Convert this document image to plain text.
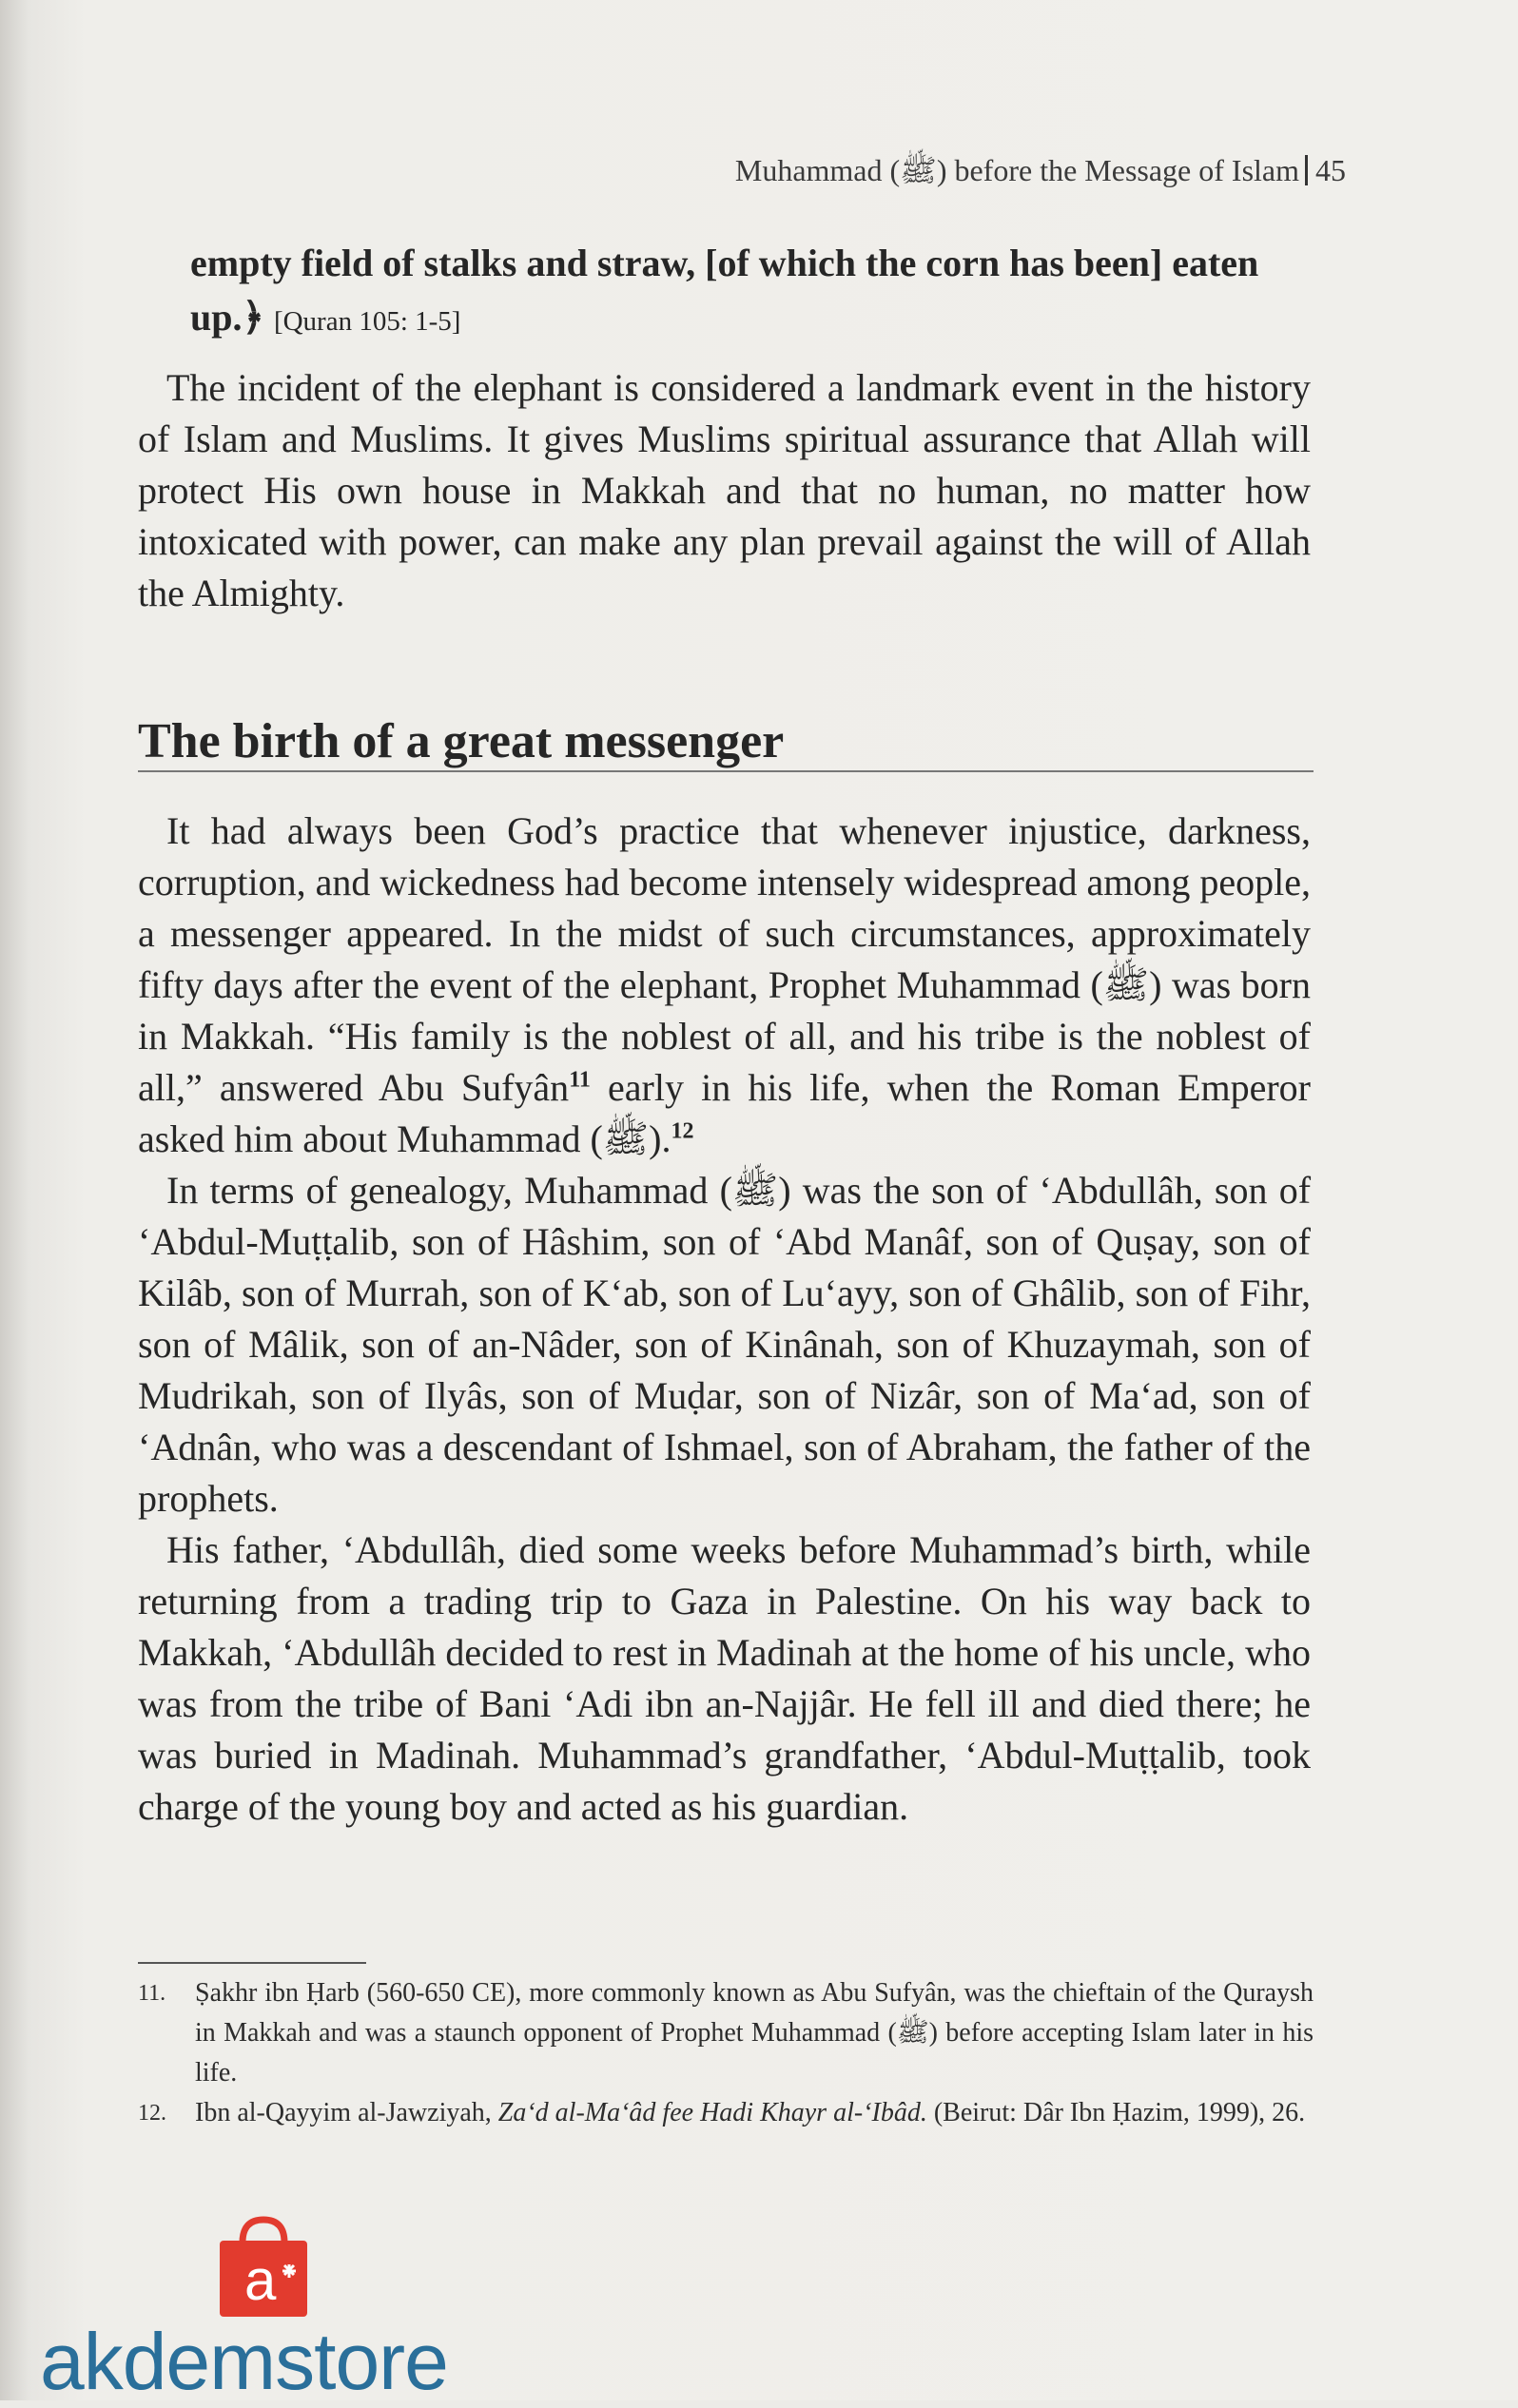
Muhammad (ﷺ) before the Message of Islam 45
empty field of stalks and straw, [of which the corn has been] eaten up.﴿ [Quran 105: 1-5]

The incident of the elephant is considered a landmark event in the history of Islam and Muslims. It gives Muslims spiritual assurance that Allah will protect His own house in Makkah and that no human, no matter how intoxicated with power, can make any plan prevail against the will of Allah the Almighty.

The birth of a great messenger

It had always been God’s practice that whenever injustice, darkness, corruption, and wickedness had become intensely widespread among people, a messenger appeared. In the midst of such circumstances, approximately fifty days after the event of the elephant, Prophet Muhammad (ﷺ) was born in Makkah. “His family is the noblest of all, and his tribe is the noblest of all,” answered Abu Sufyân$^{11}$ early in his life, when the Roman Emperor asked him about Muhammad (ﷺ).$^{12}$

In terms of genealogy, Muhammad (ﷺ) was the son of ‘Abdullâh, son of ‘Abdul-Muṭṭalib, son of Hâshim, son of ‘Abd Manâf, son of Quṣay, son of Kilâb, son of Murrah, son of K‘ab, son of Lu‘ayy, son of Ghâlib, son of Fihr, son of Mâlik, son of an-Nâder, son of Kinânah, son of Khuzaymah, son of Mudrikah, son of Ilyâs, son of Muḍar, son of Nizâr, son of Ma‘ad, son of ‘Adnân, who was a descendant of Ishmael, son of Abraham, the father of the prophets.

His father, ‘Abdullâh, died some weeks before Muhammad’s birth, while returning from a trading trip to Gaza in Palestine. On his way back to Makkah, ‘Abdullâh decided to rest in Madinah at the home of his uncle, who was from the tribe of Bani ‘Adi ibn an-Najjâr. He fell ill and died there; he was buried in Madinah. Muhammad’s grandfather, ‘Abdul-Muṭṭalib, took charge of the young boy and acted as his guardian.

11.	Ṣakhr ibn Ḥarb (560-650 CE), more commonly known as Abu Sufyân, was the chieftain of the Quraysh in Makkah and was a staunch opponent of Prophet Muhammad (ﷺ) before accepting Islam later in his life.
12.	Ibn al-Qayyim al-Jawziyah, Za‘d al-Ma‘âd fee Hadi Khayr al-‘Ibâd. (Beirut: Dâr Ibn Ḥazim, 1999), 26.
a
akdemstore
